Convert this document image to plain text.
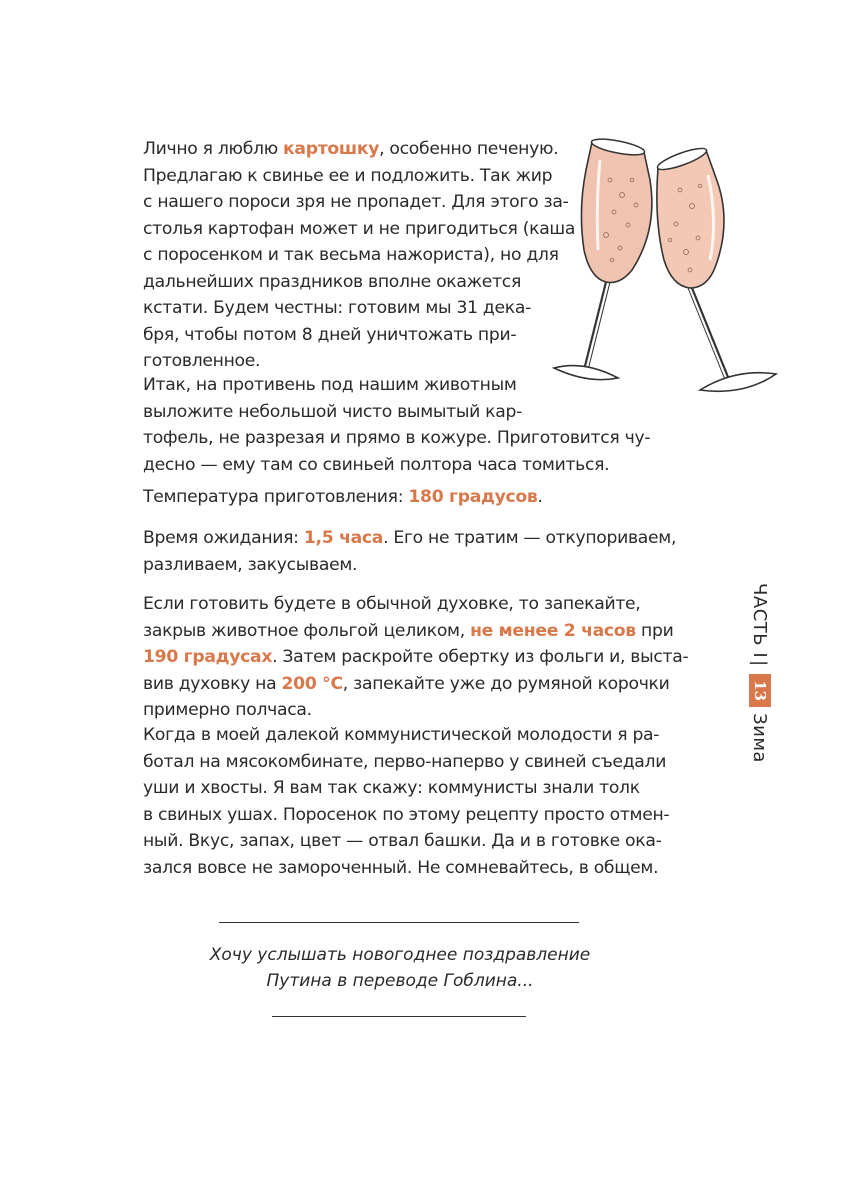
Лично я люблю картошку, особенно печеную.
Предлагаю к свинье ее и подложить. Так жир
с нашего пороси зря не пропадет. Для этого за-
столья картофан может и не пригодиться (каша
с поросенком и так весьма нажориста), но для
дальнейших праздников вполне окажется
кстати. Будем честны: готовим мы 31 дека-
бря, чтобы потом 8 дней уничтожать при-
готовленное.
Итак, на противень под нашим животным
выложите небольшой чисто вымытый кар-
тофель, не разрезая и прямо в кожуре. Приготовится чу-
десно — ему там со свиньей полтора часа томиться.
Температура приготовления: 180 градусов.
Время ожидания: 1,5 часа. Его не тратим — откупориваем,
разливаем, закусываем.
Если готовить будете в обычной духовке, то запекайте,
закрыв животное фольгой целиком, не менее 2 часов при
190 градусах. Затем раскройте обертку из фольги и, выста-
вив духовку на 200 °С, запекайте уже до румяной корочки
примерно полчаса.
Когда в моей далекой коммунистической молодости я ра-
ботал на мясокомбинате, перво-наперво у свиней съедали
уши и хвосты. Я вам так скажу: коммунисты знали толк
в свиных ушах. Поросенок по этому рецепту просто отмен-
ный. Вкус, запах, цвет — отвал башки. Да и в готовке ока-
зался вовсе не замороченный. Не сомневайтесь, в общем.
ЧАСТЬ I
|
13
Зима
Хочу услышать новогоднее поздравление
Путина в переводе Гоблина...
